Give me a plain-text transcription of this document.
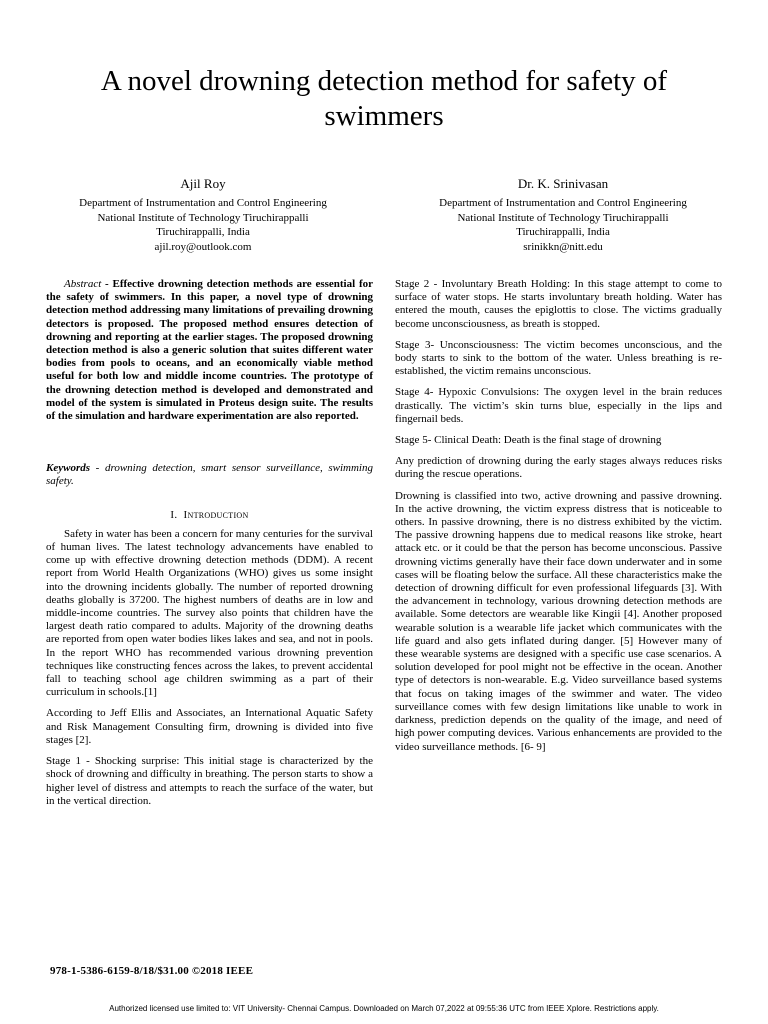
A novel drowning detection method for safety of swimmers
Ajil Roy
Department of Instrumentation and Control Engineering
National Institute of Technology Tiruchirappalli
Tiruchirappalli, India
ajil.roy@outlook.com
Dr. K. Srinivasan
Department of Instrumentation and Control Engineering
National Institute of Technology Tiruchirappalli
Tiruchirappalli, India
srinikkn@nitt.edu

Abstract - Effective drowning detection methods are essential for the safety of swimmers. In this paper, a novel type of drowning detection method addressing many limitations of prevailing drowning detectors is proposed. The proposed method ensures detection of drowning and reporting at the earlier stages. The proposed drowning detection method is also a generic solution that suites different water bodies from pools to oceans, and an economically viable method useful for both low and middle income countries. The prototype of the drowning detection method is developed and demonstrated and model of the system is simulated in Proteus design suite. The results of the simulation and hardware experimentation are also reported.

Keywords - drowning detection, smart sensor surveillance, swimming safety.

I. Introduction

Safety in water has been a concern for many centuries for the survival of human lives. The latest technology advancements have enabled to come up with effective drowning detection methods (DDM). A recent report from World Health Organizations (WHO) gives us some insight into the drowning incidents globally. The number of reported drowning deaths globally is 37200. The highest numbers of deaths are in low and middle-income countries. The survey also points that children have the largest death ratio compared to adults. Majority of the drowning deaths are reported from open water bodies likes lakes and sea, and not in pools. In the report WHO has recommended various drowning prevention techniques like constructing fences across the lakes, to prevent accidental fall to teaching school age children swimming as a part of their curriculum in schools.[1]

According to Jeff Ellis and Associates, an International Aquatic Safety and Risk Management Consulting firm, drowning is divided into five stages [2].

Stage 1 - Shocking surprise: This initial stage is characterized by the shock of drowning and difficulty in breathing. The person starts to show a higher level of distress and attempts to reach the surface of the water, but in the vertical direction.

Stage 2 - Involuntary Breath Holding: In this stage attempt to come to surface of water stops. He starts involuntary breath holding. Water has entered the mouth, causes the epiglottis to close. The victims gradually become unconsciousness, as breath is stopped.

Stage 3- Unconsciousness: The victim becomes unconscious, and the body starts to sink to the bottom of the water. Unless breathing is re-established, the victim remains unconscious.

Stage 4- Hypoxic Convulsions: The oxygen level in the brain reduces drastically. The victim’s skin turns blue, especially in the lips and fingernail beds.

Stage 5- Clinical Death: Death is the final stage of drowning

Any prediction of drowning during the early stages always reduces risks during the rescue operations.

Drowning is classified into two, active drowning and passive drowning. In the active drowning, the victim express distress that is noticeable to others. In passive drowning, there is no distress exhibited by the victim. The passive drowning happens due to medical reasons like stroke, heart attack etc. or it could be that the person has become unconscious. Passive drowning victims generally have their face down underwater and in some cases will be floating below the surface. All these characteristics make the detection of drowning difficult for even professional lifeguards [3]. With the advancement in technology, various drowning detection methods are available. Some detectors are wearable like Kingii [4]. Another proposed wearable solution is a wearable life jacket which communicates with the life guard and also gets inflated during danger. [5] However many of these wearable systems are designed with a specific use case scenarios. A solution developed for pool might not be effective in the ocean. Another type of detectors is non-wearable. E.g. Video surveillance based systems that focus on taking images of the swimmer and water. The video surveillance comes with few design limitations like unable to work in darkness, prediction depends on the quality of the image, and need of high power computing devices. Various enhancements are provided to the video surveillance methods. [6- 9]

978-1-5386-6159-8/18/$31.00 ©2018 IEEE
Authorized licensed use limited to: VIT University- Chennai Campus. Downloaded on March 07,2022 at 09:55:36 UTC from IEEE Xplore. Restrictions apply.
